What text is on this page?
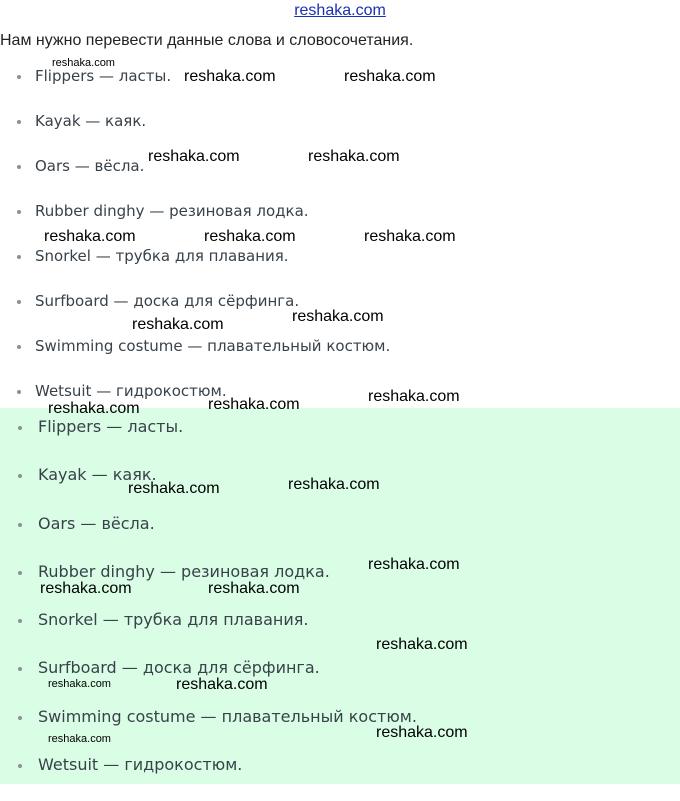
reshaka.com
Нам нужно перевести данные слова и словосочетания.
Flippers — ласты.
Kayak — каяк.
Oars — вёсла.
Rubber dinghy — резиновая лодка.
Snorkel — трубка для плавания.
Surfboard — доска для сёрфинга.
Swimming costume — плавательный костюм.
Wetsuit — гидрокостюм.
Flippers — ласты.
Kayak — каяк.
Oars — вёсла.
Rubber dinghy — резиновая лодка.
Snorkel — трубка для плавания.
Surfboard — доска для сёрфинга.
Swimming costume — плавательный костюм.
Wetsuit — гидрокостюм.
reshaka.com
reshaka.com	reshaka.com
reshaka.com	reshaka.com
reshaka.com	reshaka.com	reshaka.com
reshaka.com
reshaka.com
reshaka.com
reshaka.com
reshaka.com
reshaka.com
reshaka.com
reshaka.com
reshaka.com	reshaka.com
reshaka.com
reshaka.com	reshaka.com
reshaka.com
reshaka.com
